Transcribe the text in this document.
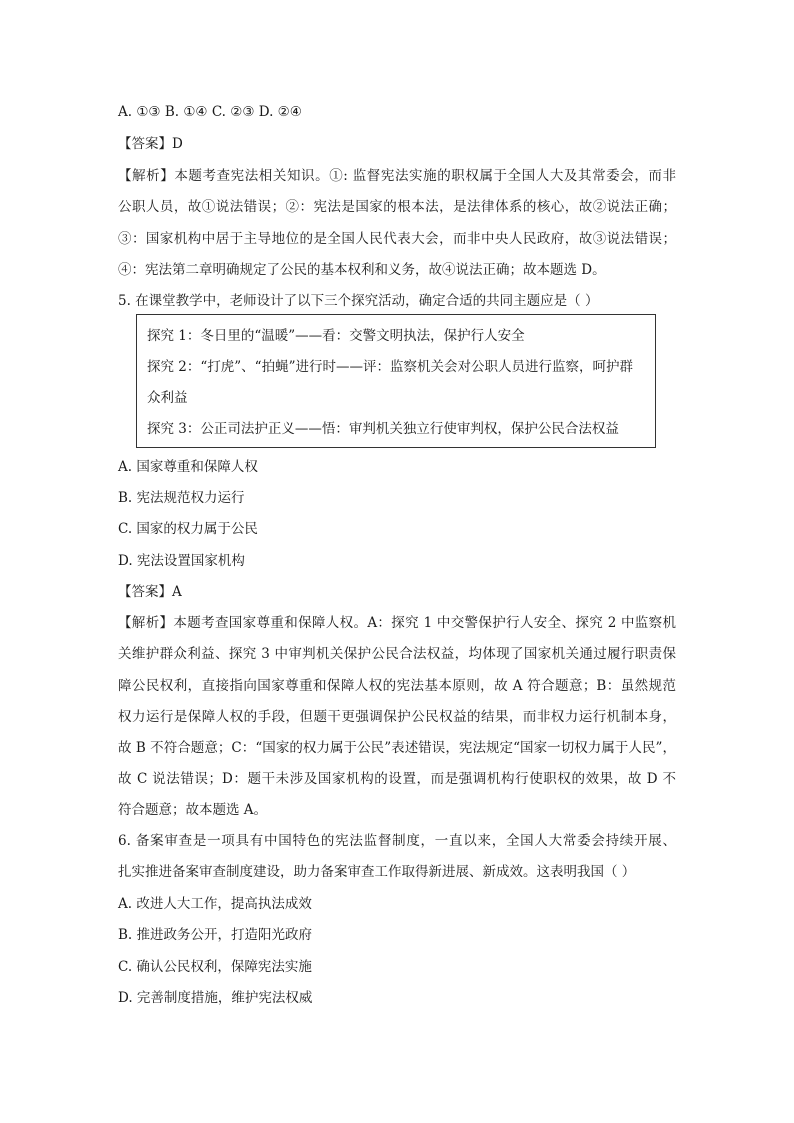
A. ①③ B. ①④ C. ②③ D. ②④
【答案】D
【解析】本题考查宪法相关知识。①: 监督宪法实施的职权属于全国人大及其常委会，而非
公职人员，故①说法错误；②：宪法是国家的根本法，是法律体系的核心，故②说法正确；
③：国家机构中居于主导地位的是全国人民代表大会，而非中央人民政府，故③说法错误；
④：宪法第二章明确规定了公民的基本权利和义务，故④说法正确；故本题选 D。
5. 在课堂教学中，老师设计了以下三个探究活动，确定合适的共同主题应是（ ）
探究 1：冬日里的“温暖”——看：交警文明执法，保护行人安全
探究 2：“打虎”、“拍蝇”进行时——评：监察机关会对公职人员进行监察，呵护群
众利益
探究 3：公正司法护正义——悟：审判机关独立行使审判权，保护公民合法权益
A. 国家尊重和保障人权
B. 宪法规范权力运行
C. 国家的权力属于公民
D. 宪法设置国家机构
【答案】A
【解析】本题考查国家尊重和保障人权。A：探究 1 中交警保护行人安全、探究 2 中监察机
关维护群众利益、探究 3 中审判机关保护公民合法权益，均体现了国家机关通过履行职责保
障公民权利，直接指向国家尊重和保障人权的宪法基本原则，故 A 符合题意；B：虽然规范
权力运行是保障人权的手段，但题干更强调保护公民权益的结果，而非权力运行机制本身，
故 B 不符合题意；C：“国家的权力属于公民”表述错误，宪法规定“国家一切权力属于人民”，
故 C 说法错误；D：题干未涉及国家机构的设置，而是强调机构行使职权的效果，故 D 不
符合题意；故本题选 A。
6. 备案审查是一项具有中国特色的宪法监督制度，一直以来，全国人大常委会持续开展、
扎实推进备案审查制度建设，助力备案审查工作取得新进展、新成效。这表明我国（ ）
A. 改进人大工作，提高执法成效
B. 推进政务公开，打造阳光政府
C. 确认公民权利，保障宪法实施
D. 完善制度措施，维护宪法权威
